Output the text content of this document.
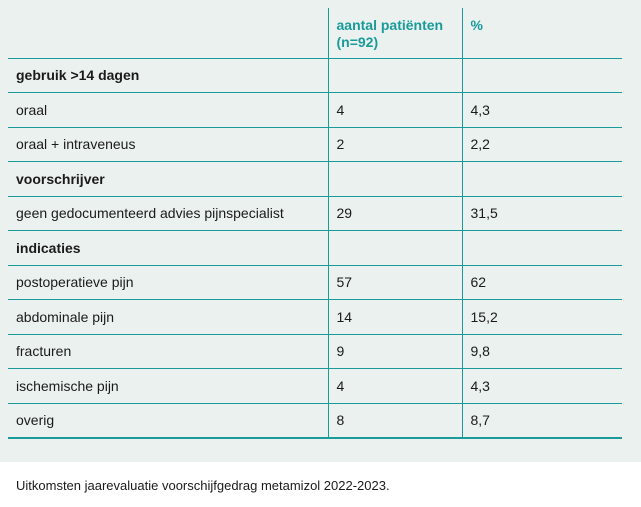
	aantal patiënten (n=92)	%
gebruik >14 dagen		
oraal	4	4,3
oraal + intraveneus	2	2,2
voorschrijver		
geen gedocumenteerd advies pijnspecialist	29	31,5
indicaties		
postoperatieve pijn	57	62
abdominale pijn	14	15,2
fracturen	9	9,8
ischemische pijn	4	4,3
overig	8	8,7
Uitkomsten jaarevaluatie voorschijfgedrag metamizol 2022-2023.
